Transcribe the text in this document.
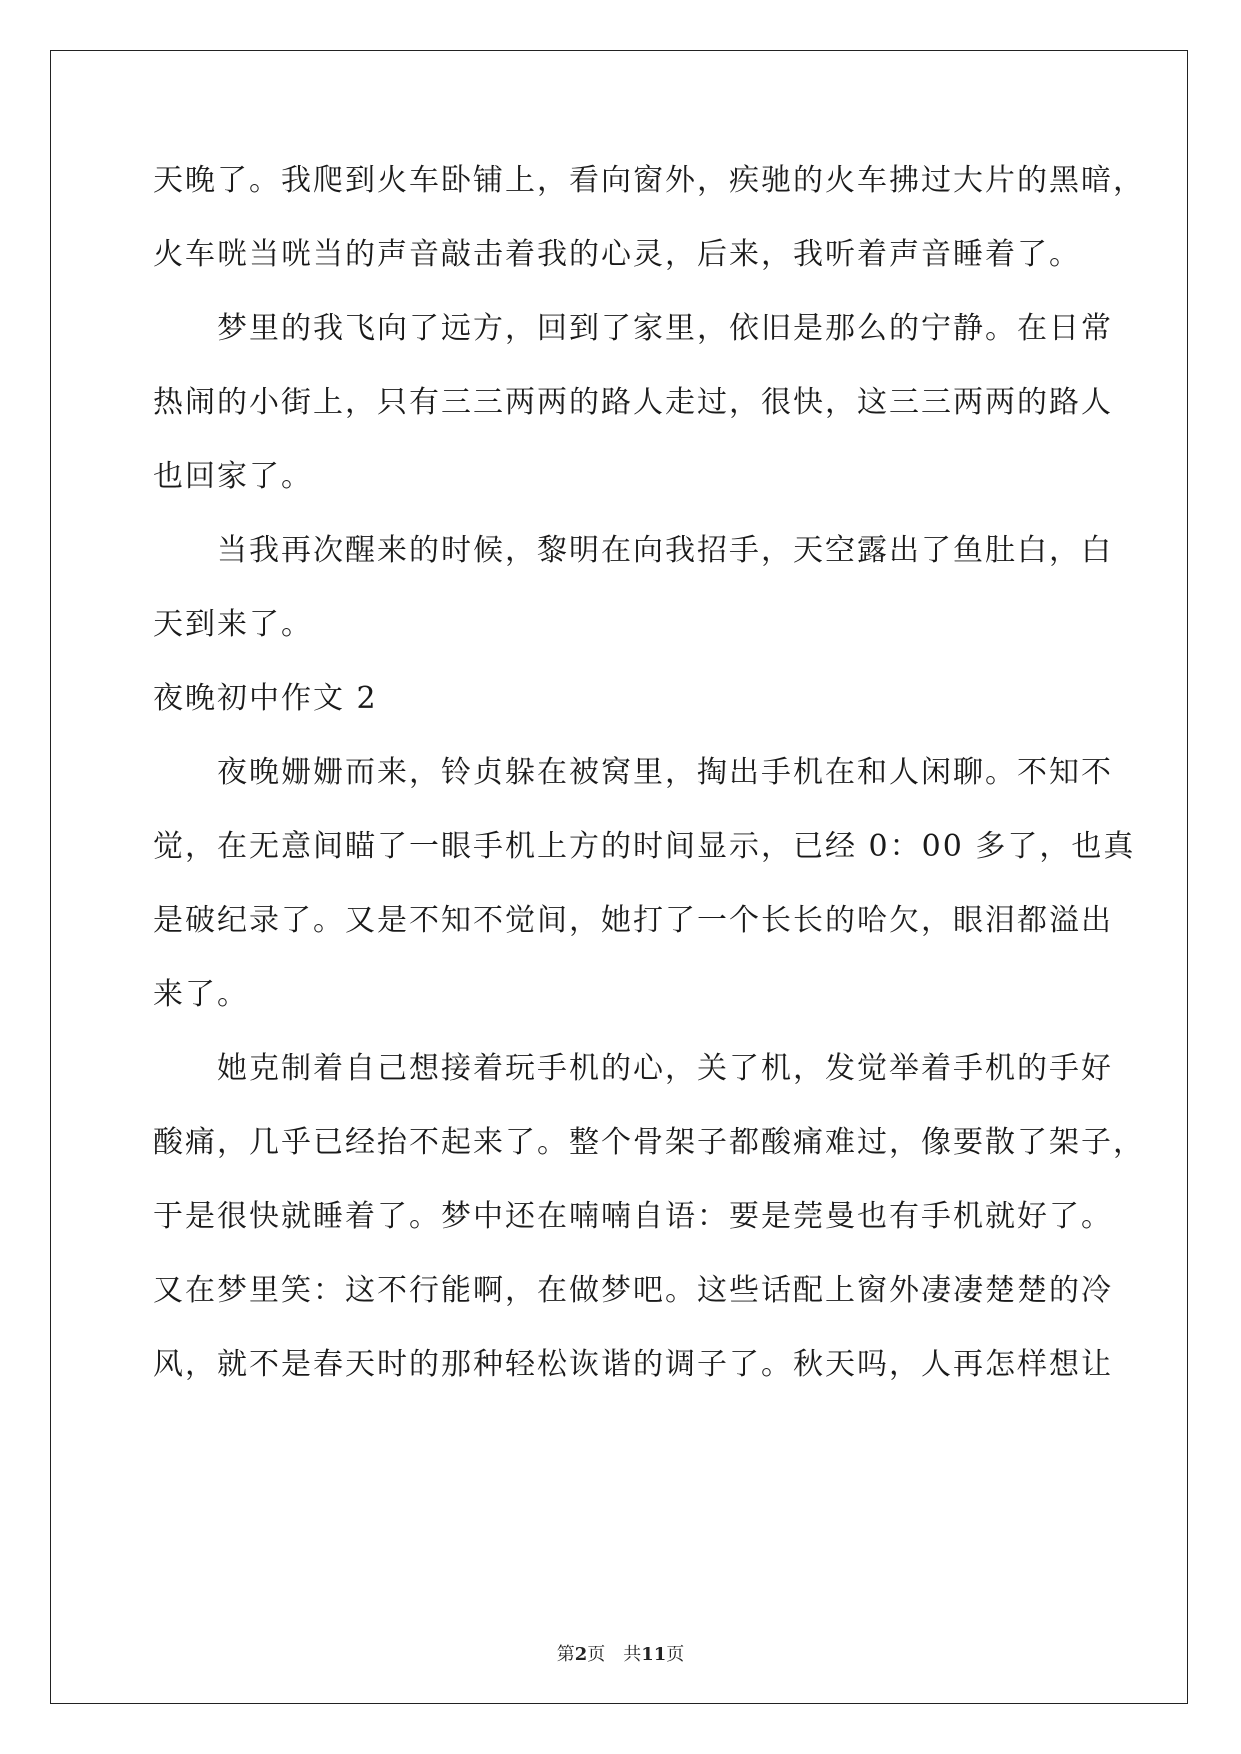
天晚了。我爬到火车卧铺上，看向窗外，疾驰的火车拂过大片的黑暗，

火车咣当咣当的声音敲击着我的心灵，后来，我听着声音睡着了。

　　梦里的我飞向了远方，回到了家里，依旧是那么的宁静。在日常

热闹的小街上，只有三三两两的路人走过，很快，这三三两两的路人

也回家了。

　　当我再次醒来的时候，黎明在向我招手，天空露出了鱼肚白，白

天到来了。

夜晚初中作文 2

　　夜晚姗姗而来，铃贞躲在被窝里，掏出手机在和人闲聊。不知不

觉，在无意间瞄了一眼手机上方的时间显示，已经 0：00 多了，也真

是破纪录了。又是不知不觉间，她打了一个长长的哈欠，眼泪都溢出

来了。

　　她克制着自己想接着玩手机的心，关了机，发觉举着手机的手好

酸痛，几乎已经抬不起来了。整个骨架子都酸痛难过，像要散了架子，

于是很快就睡着了。梦中还在喃喃自语：要是莞曼也有手机就好了。

又在梦里笑：这不行能啊，在做梦吧。这些话配上窗外凄凄楚楚的冷

风，就不是春天时的那种轻松诙谐的调子了。秋天吗，人再怎样想让

第2页　共11页
